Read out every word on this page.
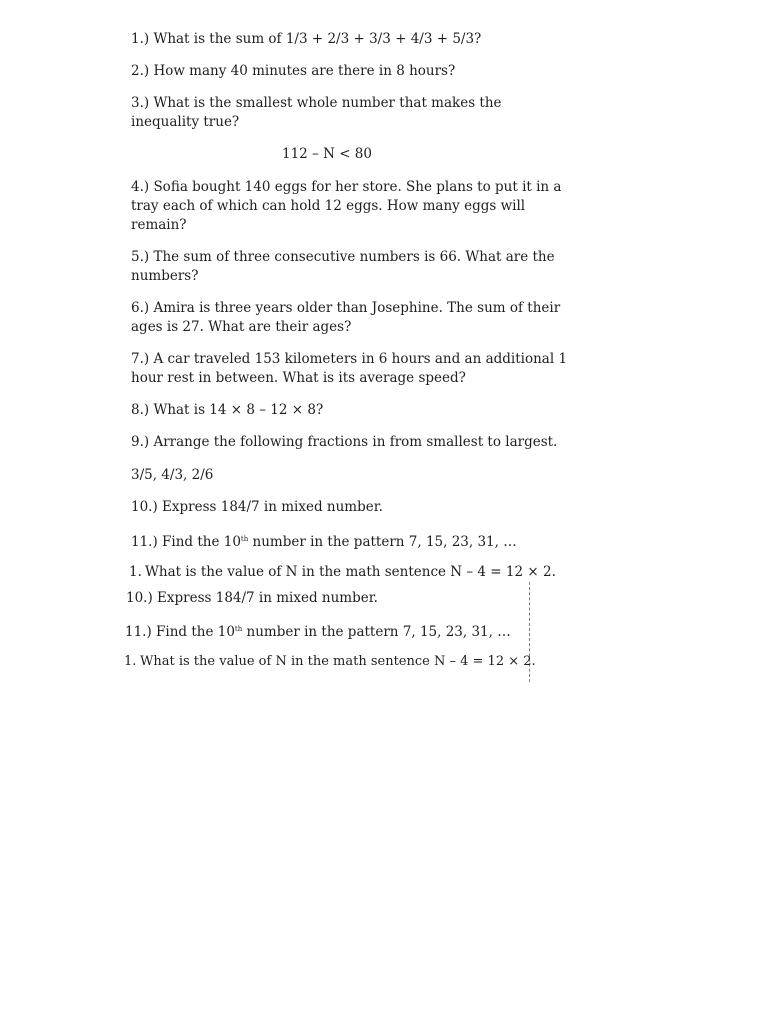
1.) What is the sum of 1/3 + 2/3 + 3/3 + 4/3 + 5/3?
2.) How many 40 minutes are there in 8 hours?
3.) What is the smallest whole number that makes the
inequality true?
112 – N < 80
4.) Sofia bought 140 eggs for her store. She plans to put it in a
tray each of which can hold 12 eggs. How many eggs will
remain?
5.) The sum of three consecutive numbers is 66. What are the
numbers?
6.) Amira is three years older than Josephine. The sum of their
ages is 27. What are their ages?
7.) A car traveled 153 kilometers in 6 hours and an additional 1
hour rest in between. What is its average speed?
8.) What is 14 × 8 – 12 × 8?
9.) Arrange the following fractions in from smallest to largest.
3/5, 4/3, 2/6
10.) Express 184/7 in mixed number.
11.) Find the 10th number in the pattern 7, 15, 23, 31, …
1. What is the value of N in the math sentence N – 4 = 12 × 2.
10.) Express 184/7 in mixed number.
11.) Find the 10th number in the pattern 7, 15, 23, 31, …
1. What is the value of N in the math sentence N – 4 = 12 × 2.
